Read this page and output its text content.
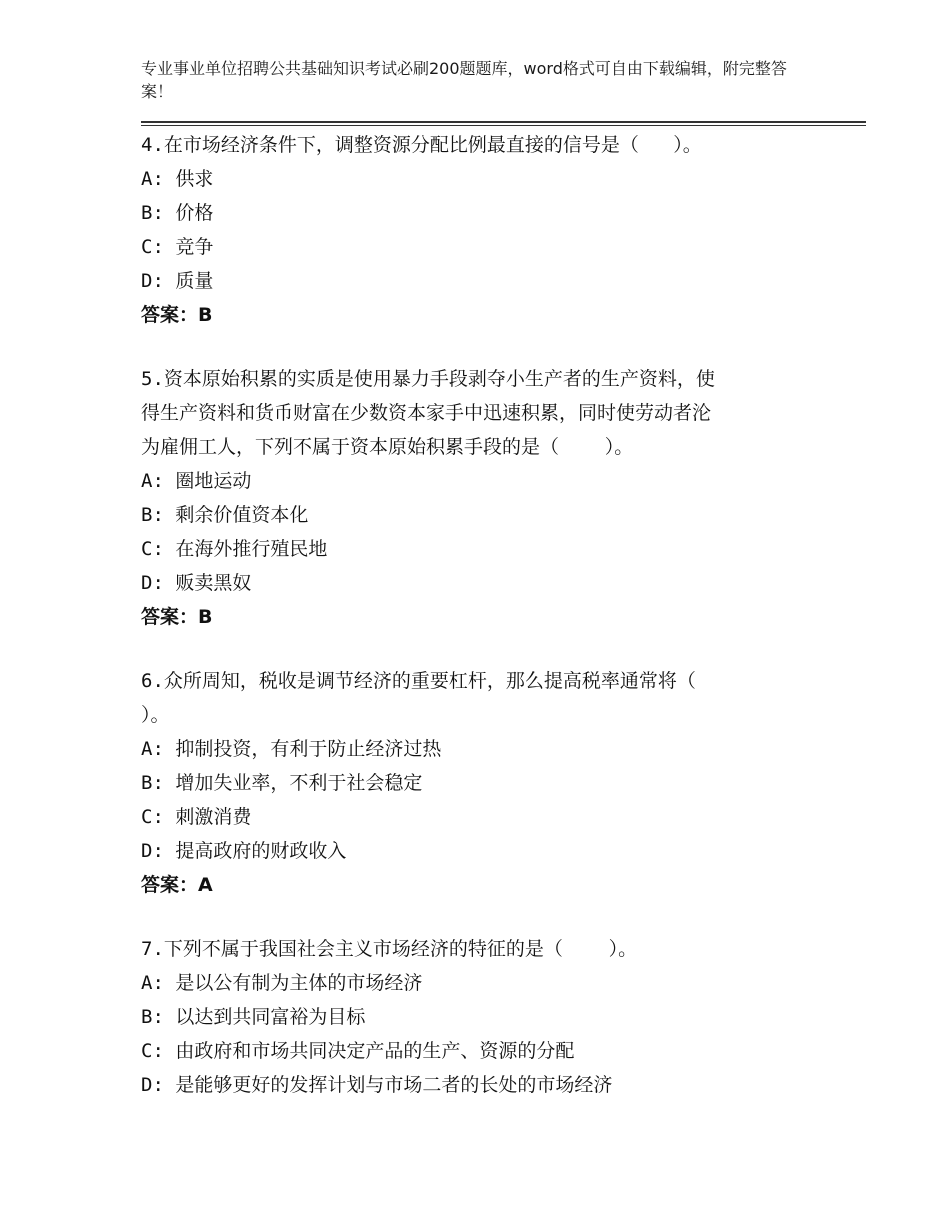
专业事业单位招聘公共基础知识考试必刷200题题库，word格式可自由下载编辑，附完整答案！

4.在市场经济条件下，调整资源分配比例最直接的信号是（   ）。

A: 供求

B: 价格

C: 竞争

D: 质量

答案：B

5.资本原始积累的实质是使用暴力手段剥夺小生产者的生产资料，使

得生产资料和货币财富在少数资本家手中迅速积累，同时使劳动者沦

为雇佣工人，下列不属于资本原始积累手段的是（    ）。

A: 圈地运动

B: 剩余价值资本化

C: 在海外推行殖民地

D: 贩卖黑奴

答案：B

6.众所周知，税收是调节经济的重要杠杆，那么提高税率通常将（

）。

A: 抑制投资，有利于防止经济过热

B: 增加失业率，不利于社会稳定

C: 刺激消费

D: 提高政府的财政收入

答案：A

7.下列不属于我国社会主义市场经济的特征的是（    ）。

A: 是以公有制为主体的市场经济

B: 以达到共同富裕为目标

C: 由政府和市场共同决定产品的生产、资源的分配

D: 是能够更好的发挥计划与市场二者的长处的市场经济
